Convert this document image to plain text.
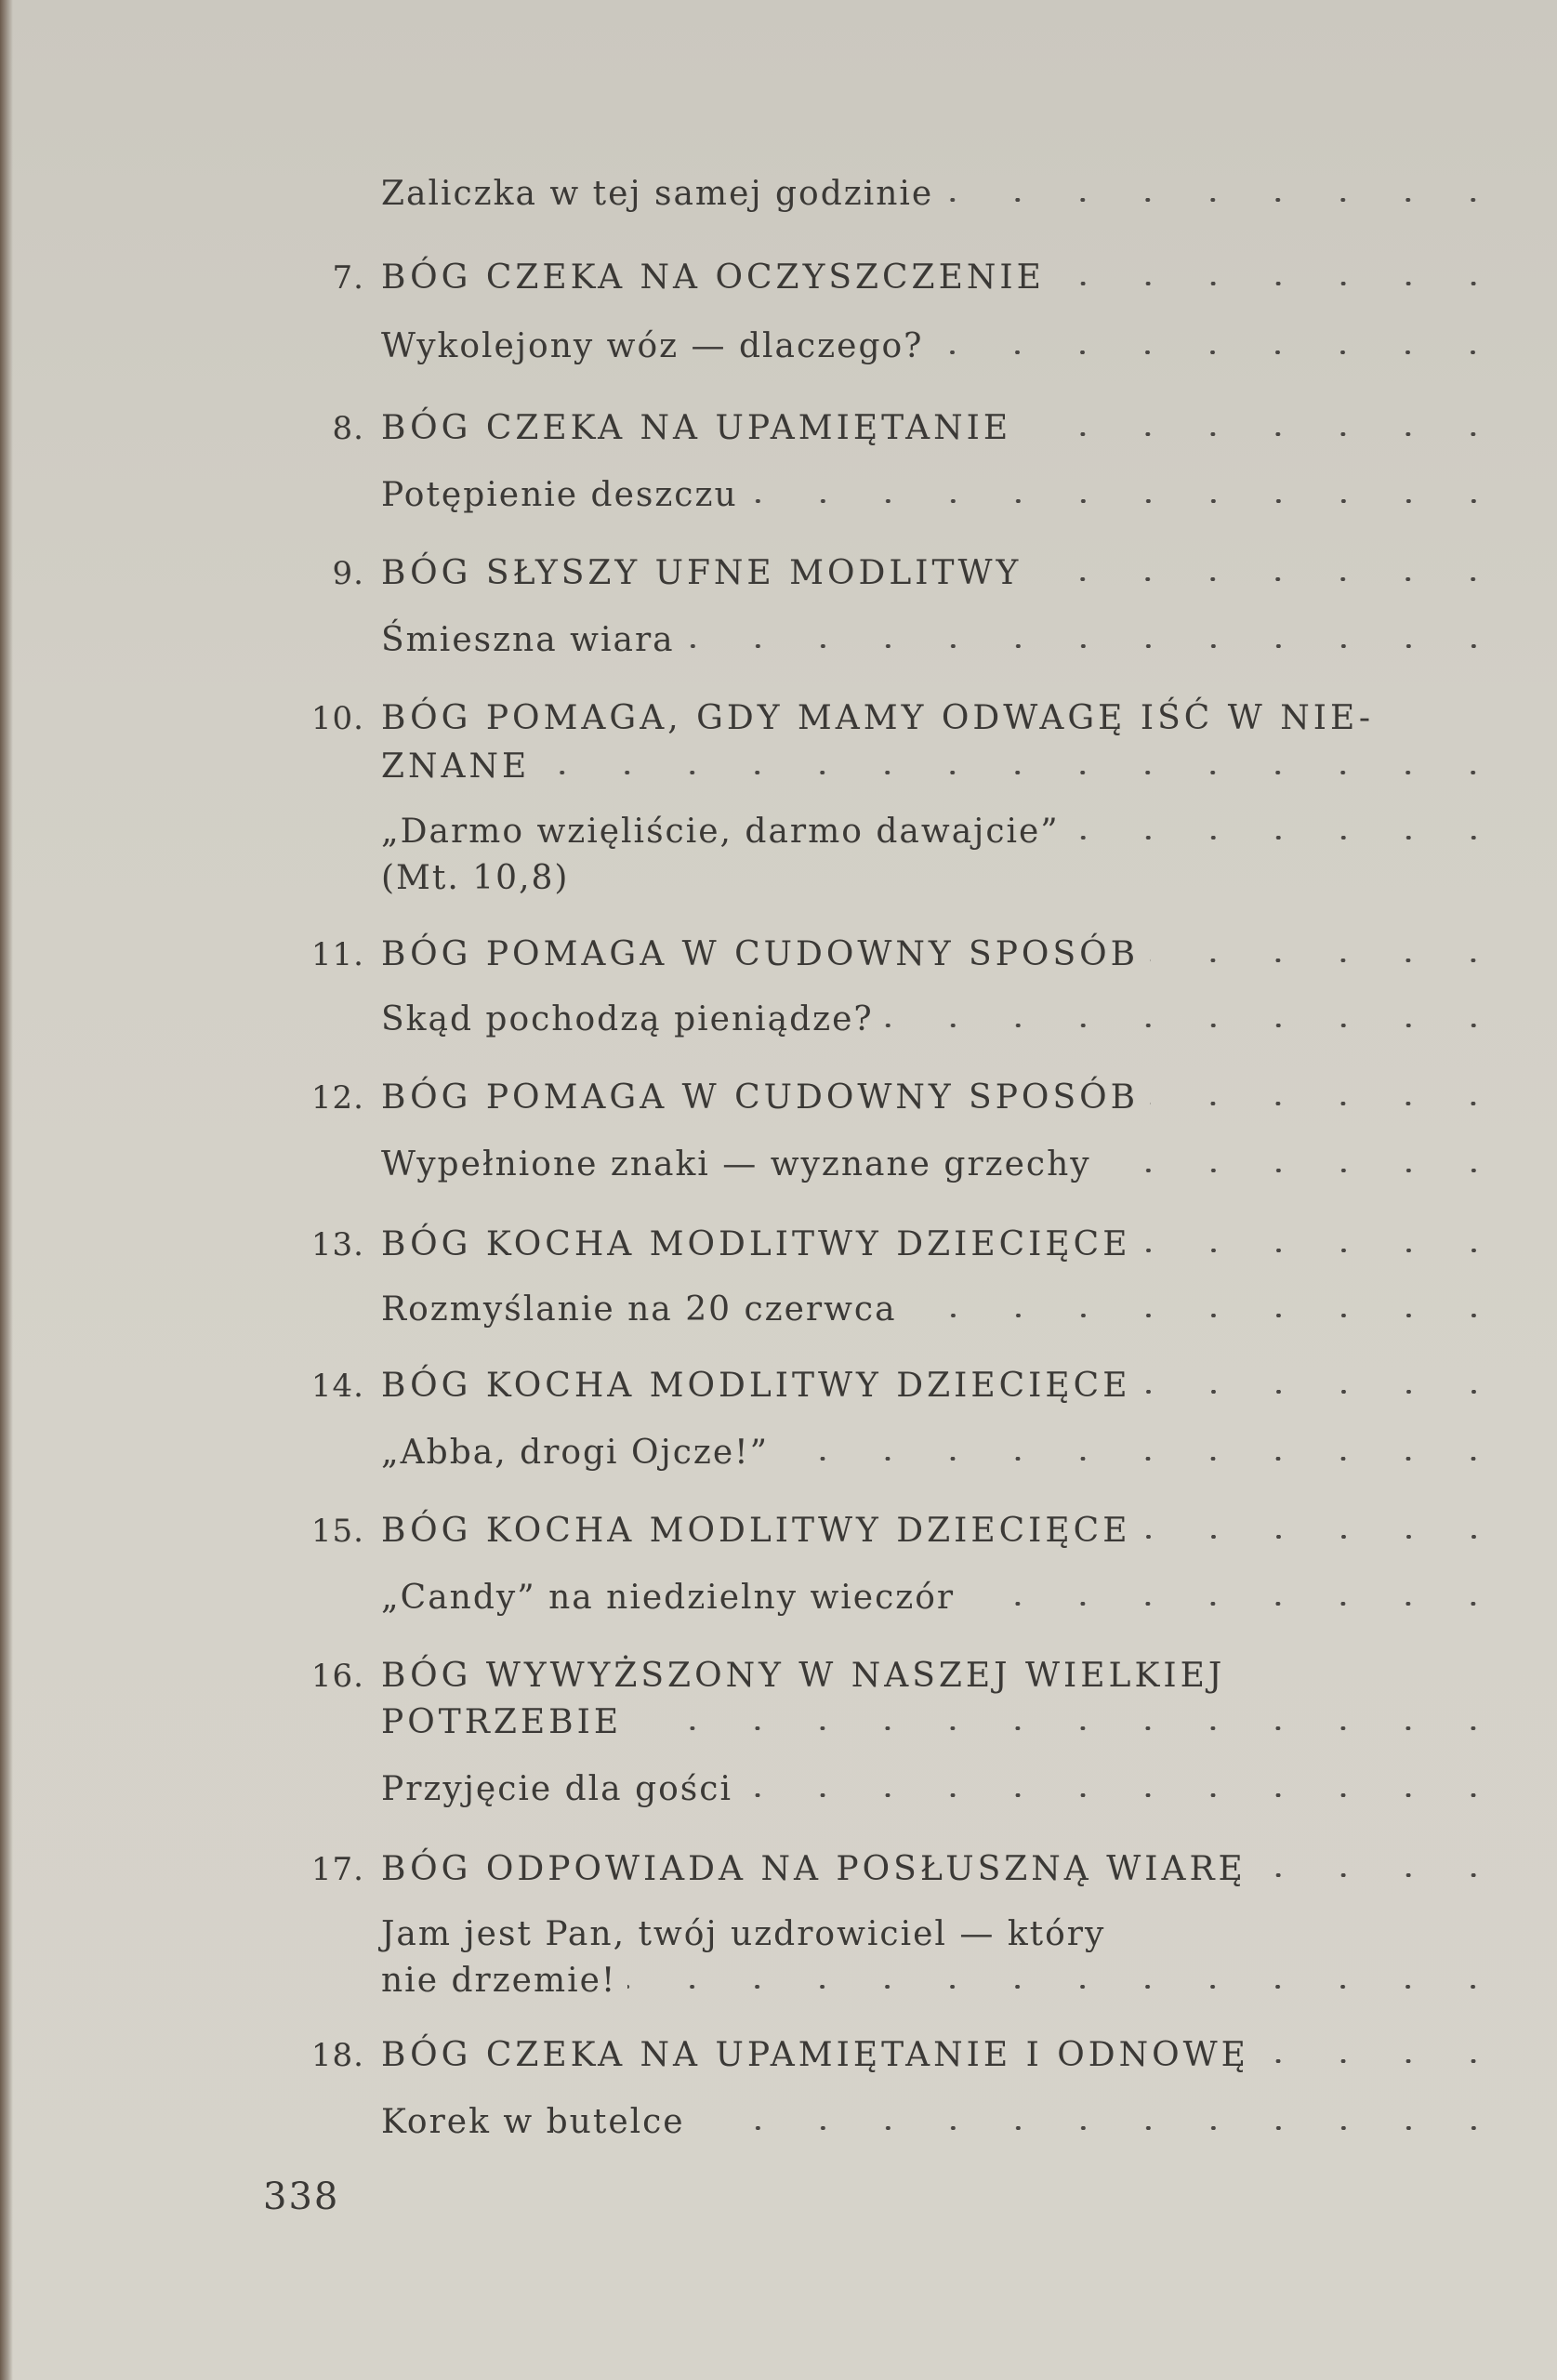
Zaliczka w tej samej godzinie
7. BÓG CZEKA NA OCZYSZCZENIE
Wykolejony wóz — dlaczego?
8. BÓG CZEKA NA UPAMIĘTANIE
Potępienie deszczu
9. BÓG SŁYSZY UFNE MODLITWY
Śmieszna wiara
10. BÓG POMAGA, GDY MAMY ODWAGĘ IŚĆ W NIE-
ZNANE
„Darmo wzięliście, darmo dawajcie”
(Mt. 10,8)
11. BÓG POMAGA W CUDOWNY SPOSÓB
Skąd pochodzą pieniądze?
12. BÓG POMAGA W CUDOWNY SPOSÓB
Wypełnione znaki — wyznane grzechy
13. BÓG KOCHA MODLITWY DZIECIĘCE
Rozmyślanie na 20 czerwca
14. BÓG KOCHA MODLITWY DZIECIĘCE
„Abba, drogi Ojcze!”
15. BÓG KOCHA MODLITWY DZIECIĘCE
„Candy” na niedzielny wieczór
16. BÓG WYWYŻSZONY W NASZEJ WIELKIEJ
POTRZEBIE
Przyjęcie dla gości
17. BÓG ODPOWIADA NA POSŁUSZNĄ WIARĘ
Jam jest Pan, twój uzdrowiciel — który
nie drzemie!
18. BÓG CZEKA NA UPAMIĘTANIE I ODNOWĘ
Korek w butelce
338
